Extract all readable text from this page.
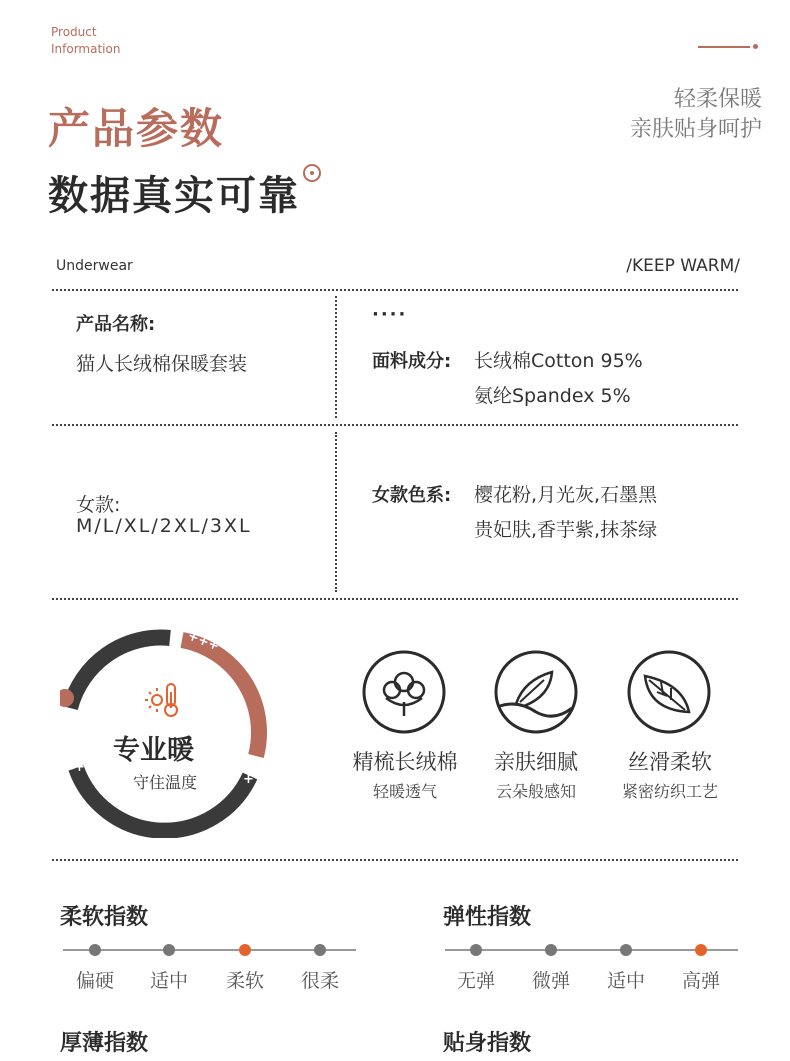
Product
Information
产品参数
数据真实可靠
轻柔保暖
亲肤贴身呵护
Underwear	/KEEP WARM/
产品名称:
猫人长绒棉保暖套装
····
面料成分: 长绒棉Cotton 95%
氨纶Spandex 5%
女款:
M/L/XL/2XL/3XL
女款色系: 樱花粉,月光灰,石墨黑
贵妃肤,香芋紫,抹茶绿
+++
+
+
专业暖
守住温度
精梳长绒棉
轻暖透气
亲肤细腻
云朵般感知
丝滑柔软
紧密纺织工艺
柔软指数
偏硬	适中	柔软	很柔
弹性指数
无弹	微弹	适中	高弹
厚薄指数	贴身指数
